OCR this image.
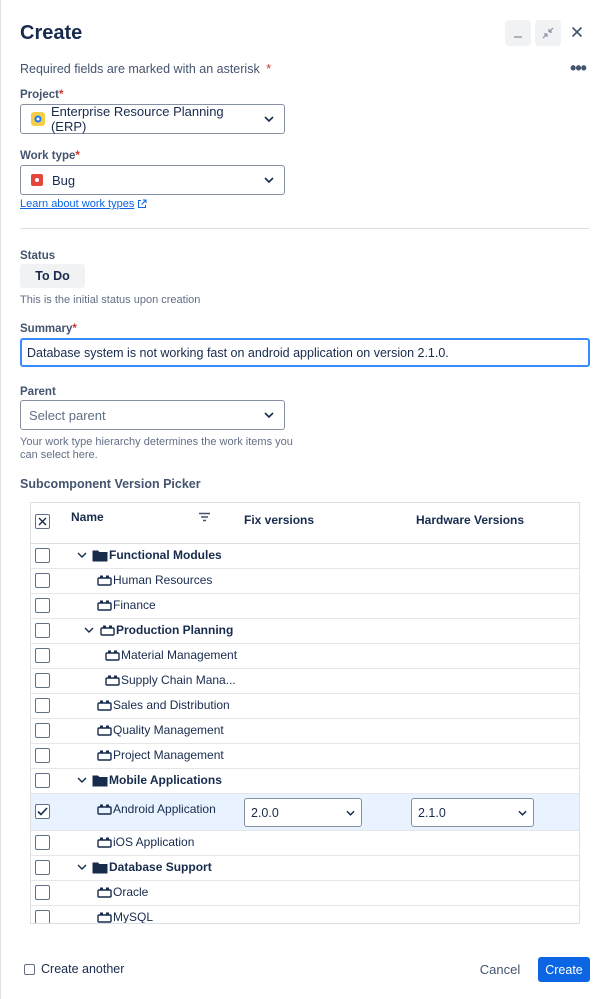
Create
Required fields are marked with an asterisk *	•••
Project*
Enterprise Resource Planning (ERP)
Work type*
Bug
Learn about work types
Status
To Do
This is the initial status upon creation
Summary*
Database system is not working fast on android application on version 2.1.0.
Parent
Select parent
Your work type hierarchy determines the work items you can select here.
Subcomponent Version Picker
Name	Fix versions	Hardware Versions
Functional Modules
Human Resources
Finance
Production Planning
Material Management
Supply Chain Mana...
Sales and Distribution
Quality Management
Project Management
Mobile Applications
Android Application	2.0.0	2.1.0
iOS Application
Database Support
Oracle
MySQL
Create another	Cancel	Create
